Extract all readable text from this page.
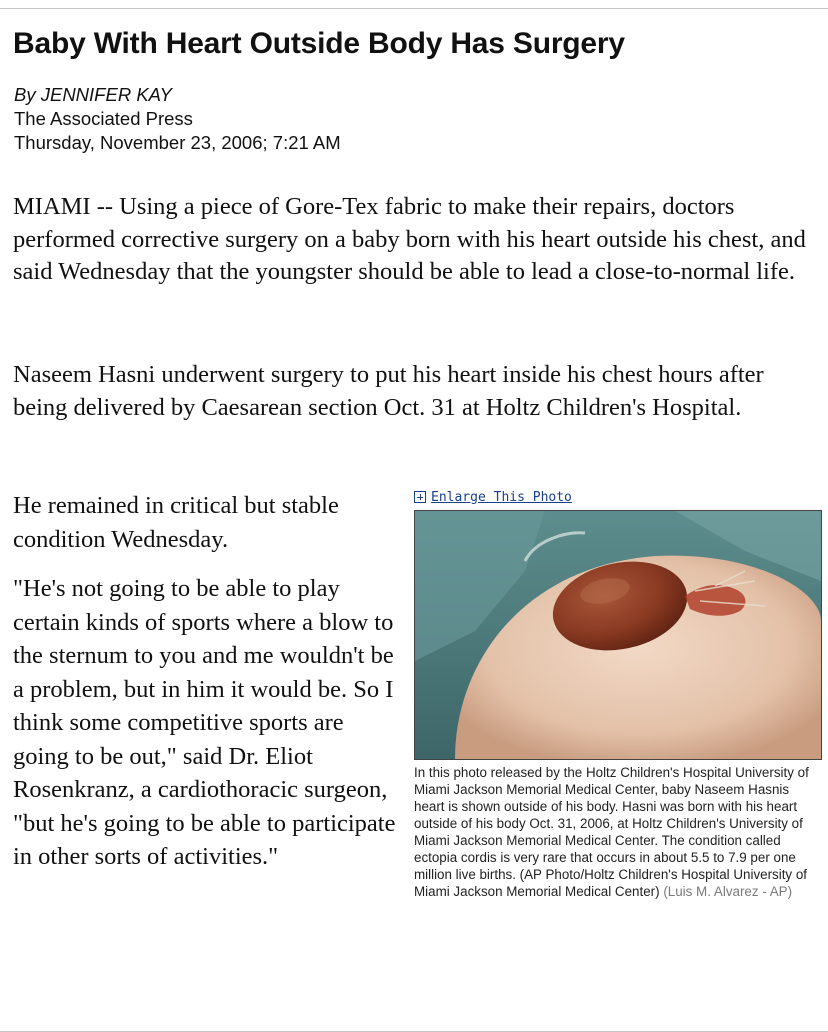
Baby With Heart Outside Body Has Surgery
By JENNIFER KAY
The Associated Press
Thursday, November 23, 2006; 7:21 AM

MIAMI -- Using a piece of Gore-Tex fabric to make their repairs, doctors performed corrective surgery on a baby born with his heart outside his chest, and said Wednesday that the youngster should be able to lead a close-to-normal life.

Naseem Hasni underwent surgery to put his heart inside his chest hours after being delivered by Caesarean section Oct. 31 at Holtz Children's Hospital.

He remained in critical but stable condition Wednesday.

"He's not going to be able to play certain kinds of sports where a blow to the sternum to you and me wouldn't be a problem, but in him it would be. So I think some competitive sports are going to be out," said Dr. Eliot Rosenkranz, a cardiothoracic surgeon, "but he's going to be able to participate in other sorts of activities."

Enlarge This Photo
In this photo released by the Holtz Children's Hospital University of Miami Jackson Memorial Medical Center, baby Naseem Hasnis heart is shown outside of his body. Hasni was born with his heart outside of his body Oct. 31, 2006, at Holtz Children's University of Miami Jackson Memorial Medical Center. The condition called ectopia cordis is very rare that occurs in about 5.5 to 7.9 per one million live births. (AP Photo/Holtz Children's Hospital University of Miami Jackson Memorial Medical Center) (Luis M. Alvarez - AP)
